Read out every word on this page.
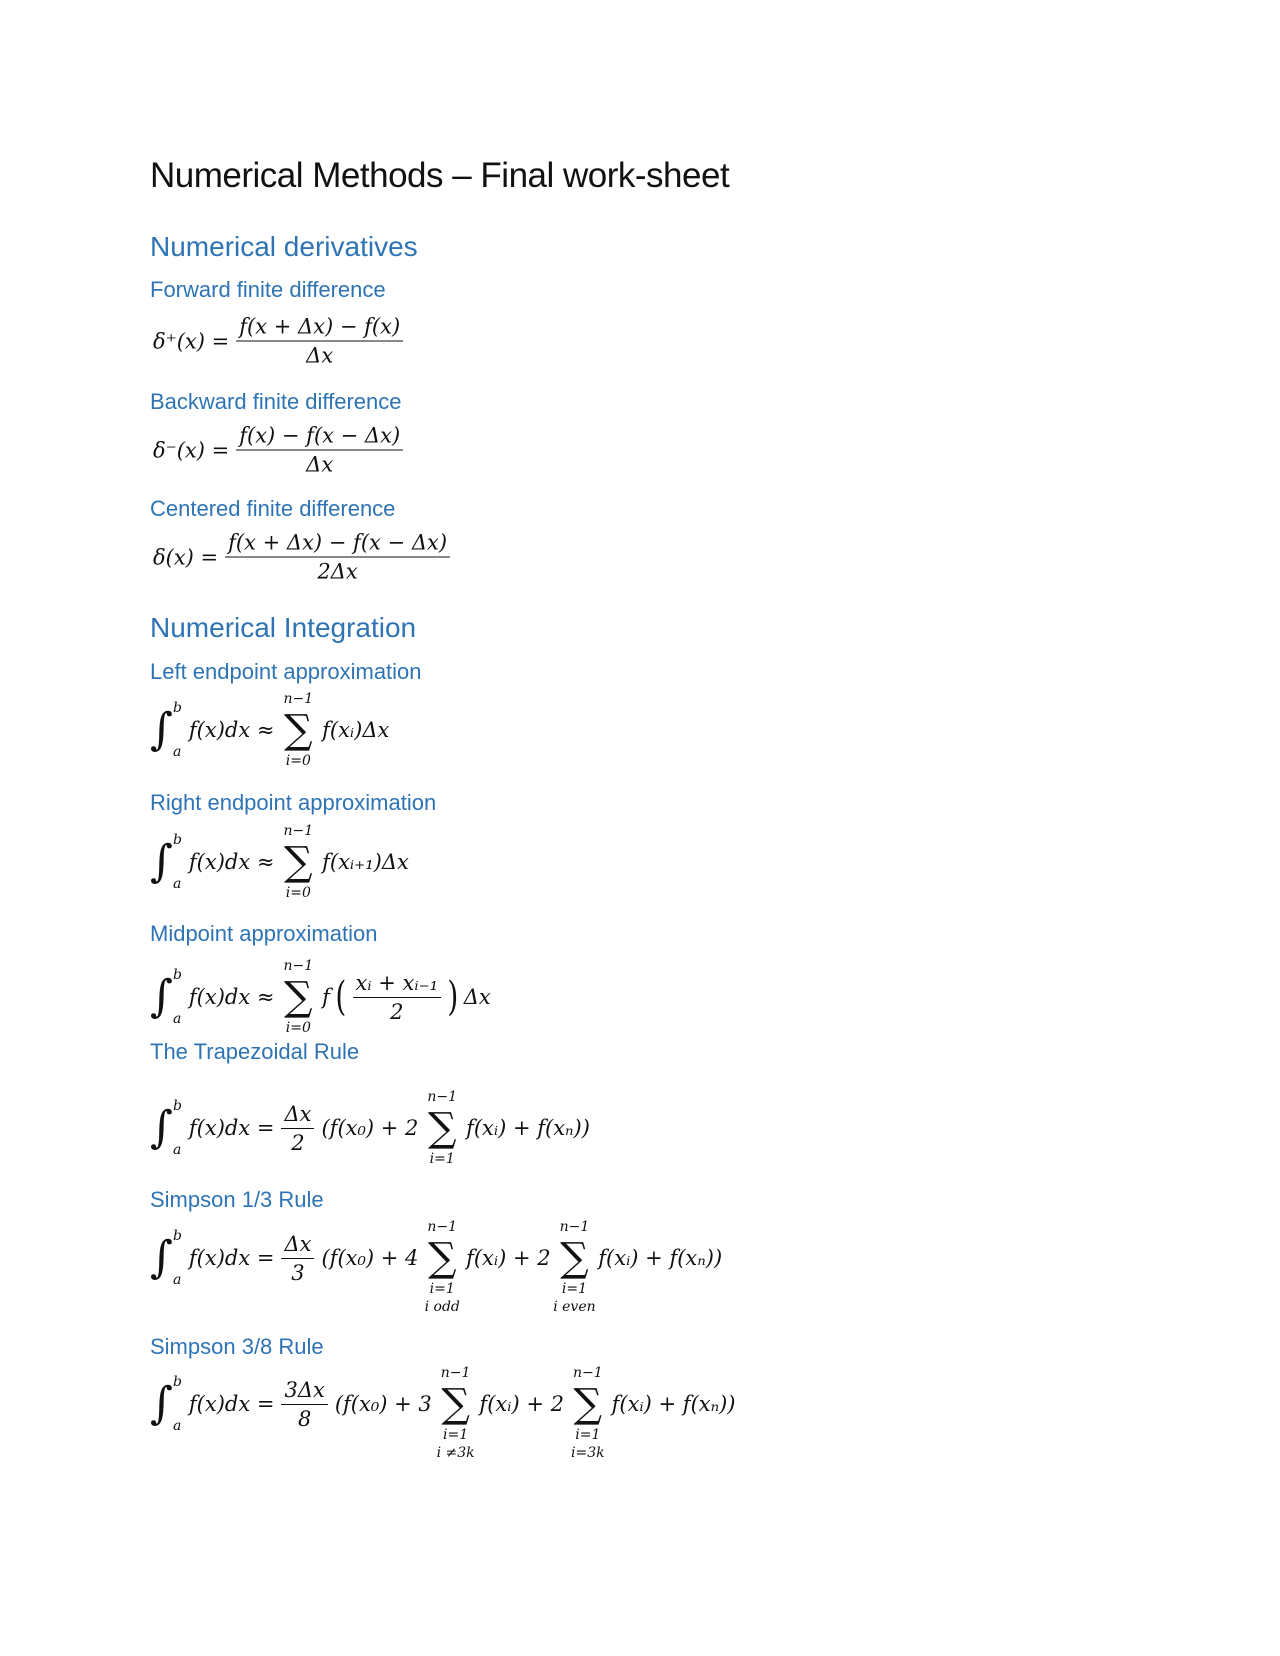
Numerical Methods – Final work-sheet
Numerical derivatives
Forward finite difference
$\delta^+(x) = \frac{f(x + \Delta x) - f(x)}{\Delta x}$
Backward finite difference
$\delta^-(x) = \frac{f(x) - f(x - \Delta x)}{\Delta x}$
Centered finite difference
$\delta(x) = \frac{f(x + \Delta x) - f(x - \Delta x)}{2\Delta x}$
Numerical Integration
Left endpoint approximation
∫ b
a
f(x)dx ≈
n−1
∑
i=0
f(xᵢ)Δx
Right endpoint approximation
∫ b
a
f(x)dx ≈
n−1
∑
i=0
f(xᵢ₊₁)Δx
Midpoint approximation
∫ b
a
f(x)dx ≈
n−1
∑
i=0
f ( $\frac{\text{xᵢ + xᵢ₋₁}}{2}$ ) Δx
The Trapezoidal Rule
∫ b
a
$f(x)dx = \frac{\Delta x}{2} (f(x_0) + 2$
n−1
∑
i=1
f(xᵢ) + f(xₙ))
Simpson 1/3 Rule
∫ b
a
$f(x)dx = \frac{\Delta x}{3} (f(x_0) + 4$
n−1
∑
i=1
i odd
f(xᵢ) + 2
n−1
∑
i=1
i even
f(xᵢ) + f(xₙ))
Simpson 3/8 Rule
∫ b
a
$f(x)dx = \frac{3\Delta x}{8} (f(x_0) + 3$
n−1
∑
i=1
i ≠3k
f(xᵢ) + 2
n−1
∑
i=1
i=3k
f(xᵢ) + f(xₙ))
